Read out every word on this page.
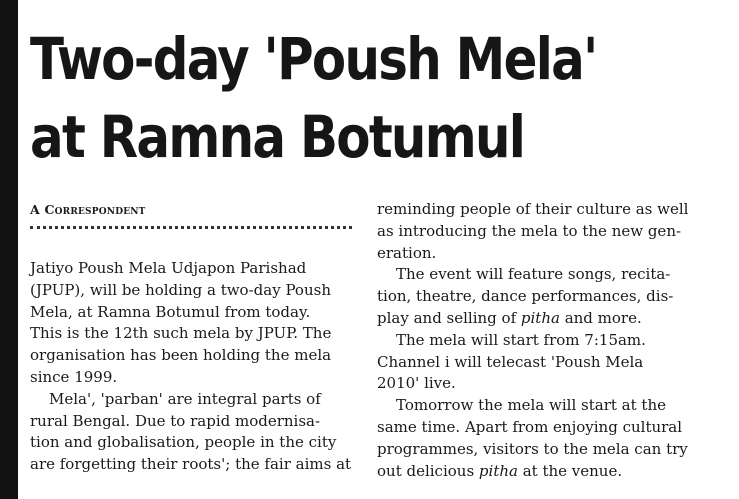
Two-day 'Poush Mela'
at Ramna Botumul
A Correspondent
Jatiyo Poush Mela Udjapon Parishad
(JPUP), will be holding a two-day Poush
Mela, at Ramna Botumul from today.
This is the 12th such mela by JPUP. The
organisation has been holding the mela
since 1999.
Mela', 'parban' are integral parts of
rural Bengal. Due to rapid modernisa-
tion and globalisation, people in the city
are forgetting their roots'; the fair aims at
reminding people of their culture as well
as introducing the mela to the new gen-
eration.
The event will feature songs, recita-
tion, theatre, dance performances, dis-
play and selling of pitha and more.
The mela will start from 7:15am.
Channel i will telecast 'Poush Mela
2010' live.
Tomorrow the mela will start at the
same time. Apart from enjoying cultural
programmes, visitors to the mela can try
out delicious pitha at the venue.
